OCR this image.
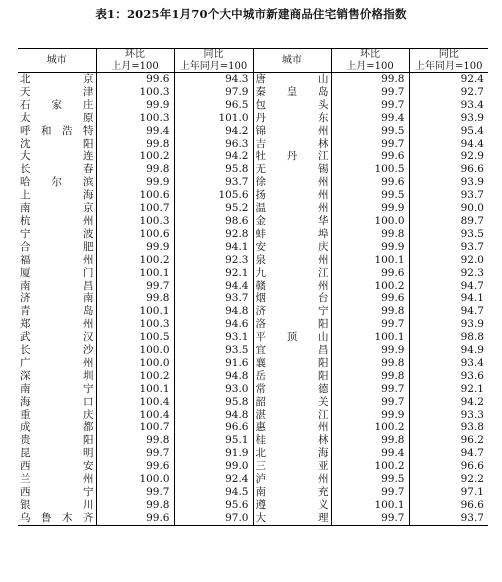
表1：2025年1月70个大中城市新建商品住宅销售价格指数
城市	环比	同比	城市	环比	同比
	上月=100	上年同月=100		上月=100	上年同月=100

北　京	99.6	94.3	唐　山	99.8	92.4

天　津	100.3	97.9	秦皇岛	99.7	92.7

石家庄	99.9	96.5	包　头	99.7	93.4

太　原	100.3	101.0	丹　东	99.4	93.9

呼和浩特	99.4	94.2	锦　州	99.5	95.4

沈　阳	99.8	96.3	吉　林	99.7	94.4

大　连	100.2	94.2	牡丹江	99.6	92.9

长　春	99.8	95.8	无　锡	100.5	96.6

哈尔滨	99.9	93.7	徐　州	99.6	93.9

上　海	100.6	105.6	扬　州	99.5	93.7

南　京	100.7	95.2	温　州	99.9	90.0

杭　州	100.3	98.6	金　华	100.0	89.7

宁　波	100.6	92.8	蚌　埠	99.8	93.5

合　肥	99.9	94.1	安　庆	99.9	93.7

福　州	100.2	92.3	泉　州	100.1	92.0

厦　门	100.1	92.1	九　江	99.6	92.3

南　昌	99.7	94.4	赣　州	100.2	94.7

济　南	99.8	93.7	烟　台	99.6	94.1

青　岛	100.1	94.8	济　宁	99.8	94.7

郑　州	100.3	94.6	洛　阳	99.7	93.9

武　汉	100.5	93.1	平顶山	100.1	98.8

长　沙	100.0	93.5	宜　昌	99.9	94.9

广　州	100.0	91.6	襄　阳	99.8	93.4

深　圳	100.2	94.8	岳　阳	99.8	93.6

南　宁	100.1	93.0	常　德	99.7	92.1

海　口	100.4	95.8	韶　关	99.7	94.2

重　庆	100.4	94.8	湛　江	99.9	93.3

成　都	100.7	96.6	惠　州	100.2	93.8

贵　阳	99.8	95.1	桂　林	99.8	96.2

昆　明	99.7	91.9	北　海	99.4	94.7

西　安	99.6	99.0	三　亚	100.2	96.6

兰　州	100.0	92.4	泸　州	99.5	92.2

西　宁	99.7	94.5	南　充	99.7	97.1

银　川	99.8	95.6	遵　义	100.1	96.6

乌鲁木齐	99.6	97.0	大　理	99.7	93.7
